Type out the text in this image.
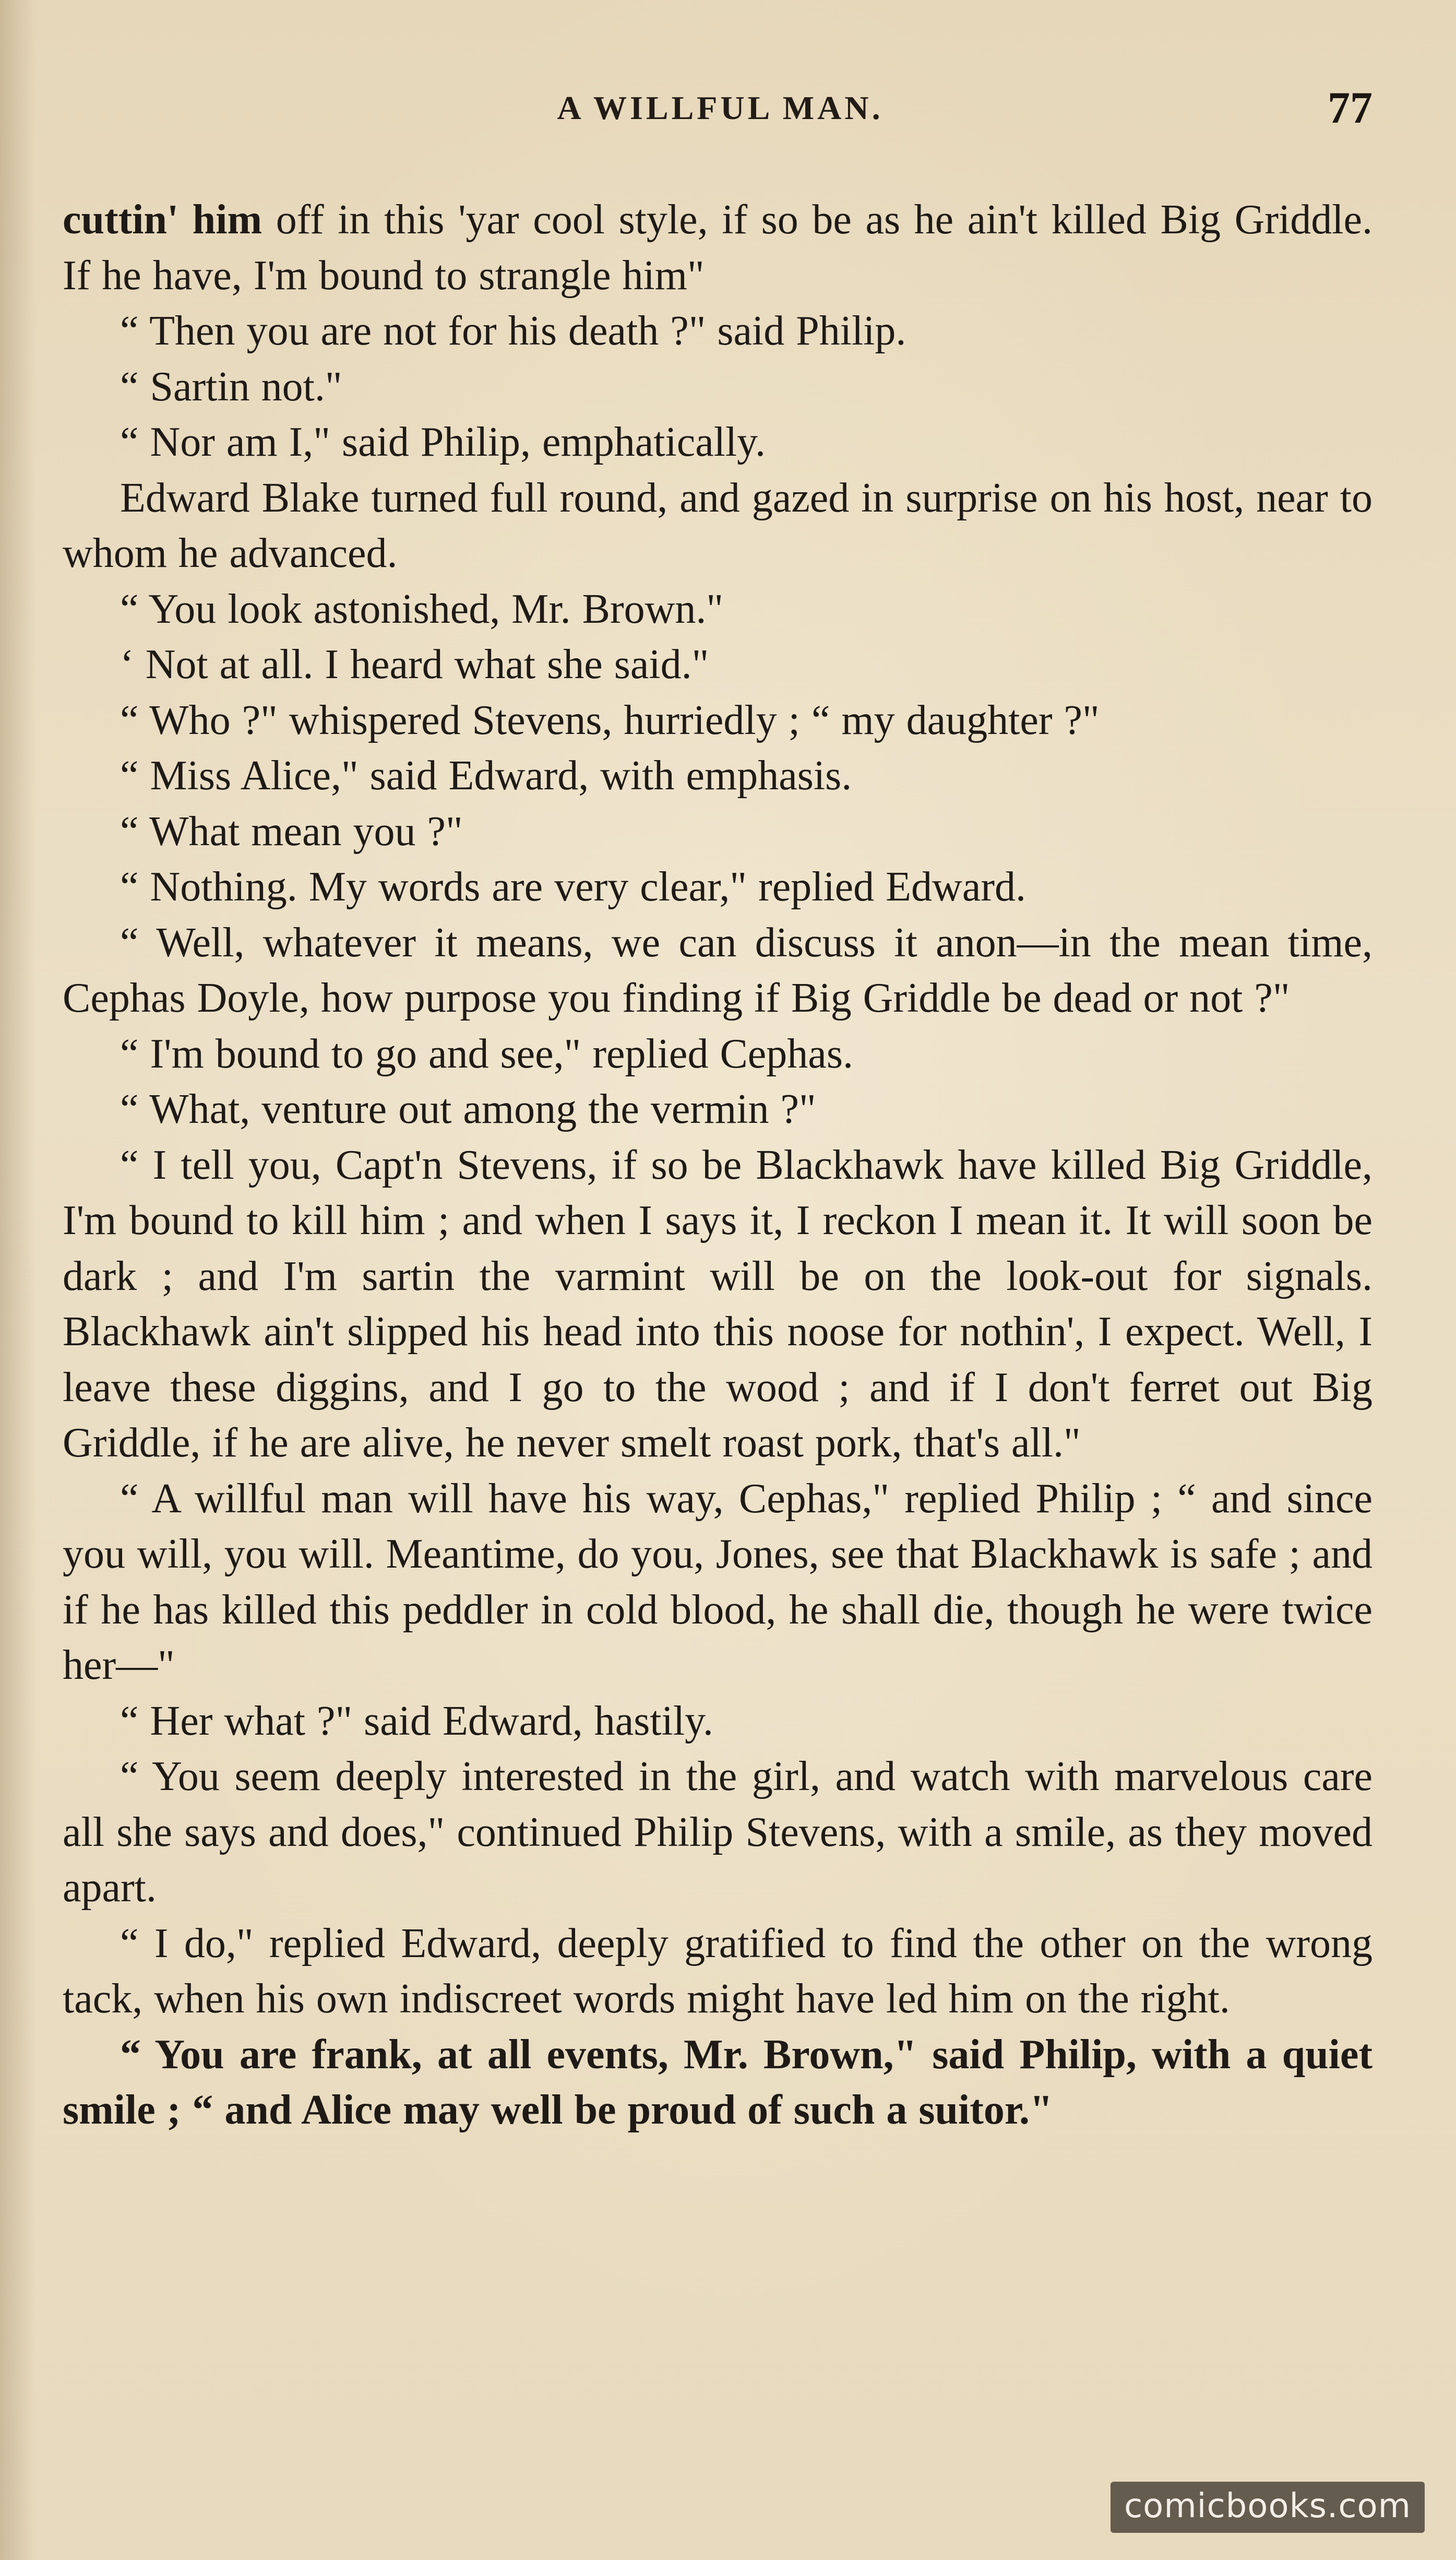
A WILLFUL MAN.	77

cuttin' him off in this 'yar cool style, if so be as he ain't killed Big Griddle. If he have, I'm bound to strangle him"

“ Then you are not for his death ?" said Philip.

“ Sartin not."

“ Nor am I," said Philip, emphatically.

Edward Blake turned full round, and gazed in surprise on his host, near to whom he advanced.

“ You look astonished, Mr. Brown."

‘ Not at all. I heard what she said."

“ Who ?" whispered Stevens, hurriedly ; “ my daughter ?"

“ Miss Alice," said Edward, with emphasis.

“ What mean you ?"

“ Nothing. My words are very clear," replied Edward.

“ Well, whatever it means, we can discuss it anon—in the mean time, Cephas Doyle, how purpose you finding if Big Griddle be dead or not ?"

“ I'm bound to go and see," replied Cephas.

“ What, venture out among the vermin ?"

“ I tell you, Capt'n Stevens, if so be Blackhawk have killed Big Griddle, I'm bound to kill him ; and when I says it, I reckon I mean it. It will soon be dark ; and I'm sartin the varmint will be on the look-out for signals. Blackhawk ain't slipped his head into this noose for nothin', I expect. Well, I leave these diggins, and I go to the wood ; and if I don't ferret out Big Griddle, if he are alive, he never smelt roast pork, that's all."

“ A willful man will have his way, Cephas," replied Philip ; “ and since you will, you will. Meantime, do you, Jones, see that Blackhawk is safe ; and if he has killed this peddler in cold blood, he shall die, though he were twice her—"

“ Her what ?" said Edward, hastily.

“ You seem deeply interested in the girl, and watch with marvelous care all she says and does," continued Philip Stevens, with a smile, as they moved apart.

“ I do," replied Edward, deeply gratified to find the other on the wrong tack, when his own indiscreet words might have led him on the right.

“ You are frank, at all events, Mr. Brown," said Philip, with a quiet smile ; “ and Alice may well be proud of such a suitor."

comicbooks.com
